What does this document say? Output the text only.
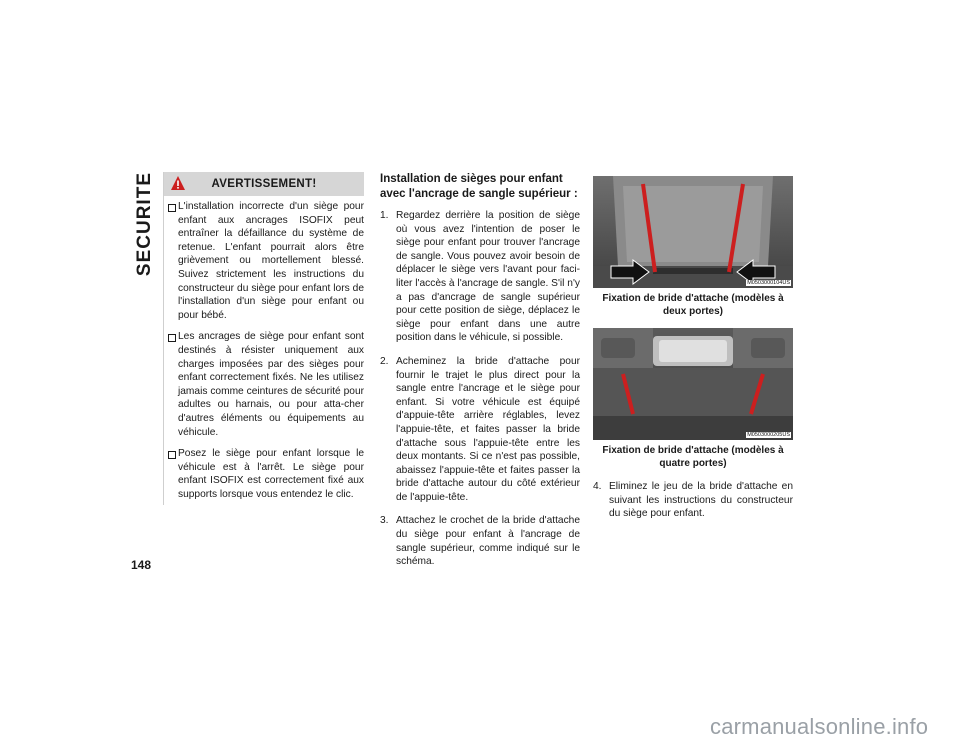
SECURITE
148
AVERTISSEMENT!
L'installation incorrecte d'un siège pour enfant aux ancrages ISOFIX peut entraîner la défaillance du système de retenue. L'enfant pourrait alors être grièvement ou mortellement blessé. Suivez strictement les instructions du constructeur du siège pour enfant lors de l'installation d'un siège pour enfant ou pour bébé.
Les ancrages de siège pour enfant sont destinés à résister uniquement aux charges imposées par des sièges pour enfant correctement fixés. Ne les utilisez jamais comme ceintures de sécurité pour adultes ou harnais, ou pour atta-cher d'autres éléments ou équipements au véhicule.
Posez le siège pour enfant lorsque le véhicule est à l'arrêt. Le siège pour enfant ISOFIX est correctement fixé aux supports lorsque vous entendez le clic.
Installation de sièges pour enfant avec l'ancrage de sangle supérieur :
1. Regardez derrière la position de siège où vous avez l'intention de poser le siège pour enfant pour trouver l'ancrage de sangle. Vous pouvez avoir besoin de déplacer le siège vers l'avant pour faci-liter l'accès à l'ancrage de sangle. S'il n'y a pas d'ancrage de sangle supérieur pour cette position de siège, déplacez le siège pour enfant dans une autre position dans le véhicule, si possible.
2. Acheminez la bride d'attache pour fournir le trajet le plus direct pour la sangle entre l'ancrage et le siège pour enfant. Si votre véhicule est équipé d'appuie-tête arrière réglables, levez l'appuie-tête, et faites passer la bride d'attache sous l'appuie-tête entre les deux montants. Si ce n'est pas possible, abaissez l'appuie-tête et faites passer la bride d'attache autour du côté extérieur de l'appuie-tête.
3. Attachez le crochet de la bride d'attache du siège pour enfant à l'ancrage de sangle supérieur, comme indiqué sur le schéma.
M0503000104US
Fixation de bride d'attache (modèles à deux portes)
M0503000205US
Fixation de bride d'attache (modèles à quatre portes)
4. Eliminez le jeu de la bride d'attache en suivant les instructions du constructeur du siège pour enfant.
carmanualsonline.info
